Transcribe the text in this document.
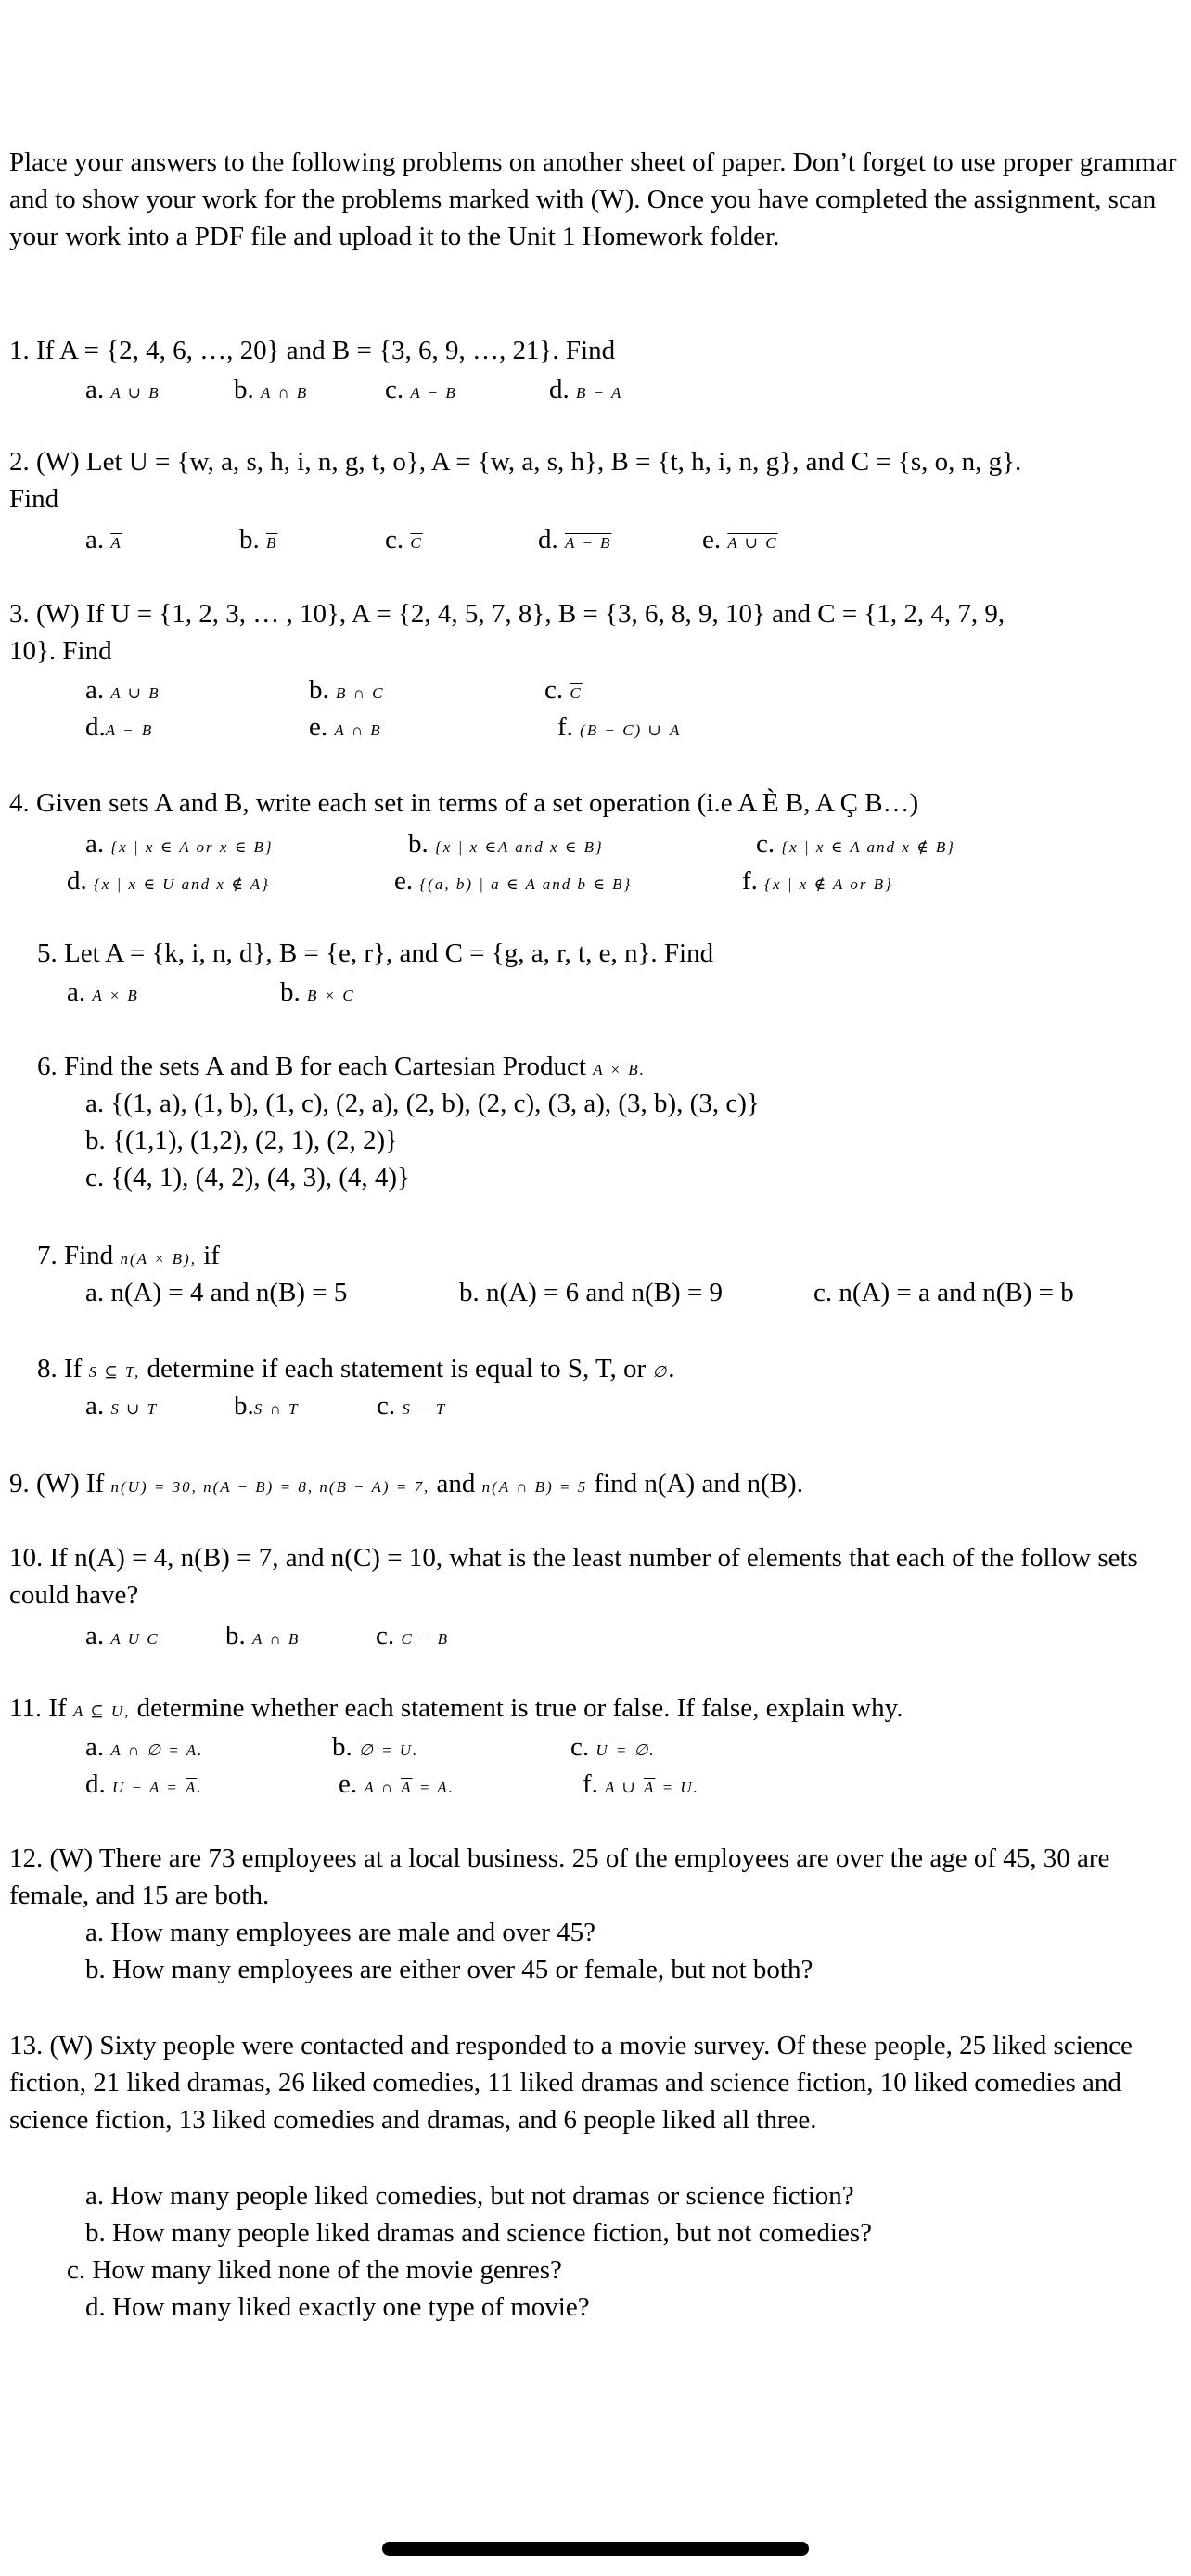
Place your answers to the following problems on another sheet of paper. Don’t forget to use proper grammar and to show your work for the problems marked with (W). Once you have completed the assignment, scan your work into a PDF file and upload it to the Unit 1 Homework folder.

1. If A = {2, 4, 6, …, 20} and B = {3, 6, 9, …, 21}. Find
a. A ∪ B	b. A ∩ B	c. A − B	d. B − A
2. (W) Let U = {w, a, s, h, i, n, g, t, o}, A = {w, a, s, h}, B = {t, h, i, n, g}, and C = {s, o, n, g}.
Find
a. $\overline{A}$	b. $\overline{B}$	c. $\overline{C}$	d. A − B	e. A ∪ C
3. (W) If U = {1, 2, 3, … , 10}, A = {2, 4, 5, 7, 8}, B = {3, 6, 8, 9, 10} and C = {1, 2, 4, 7, 9,
10}. Find
a. A ∪ B	b. B ∩ C	c. $\overline{C}$
$d.A - \overline{B}$	e. A ∩ B	f. (B − C) ∪ $\overline{A}$
4. Given sets A and B, write each set in terms of a set operation (i.e A È B, A Ç B…)
a. {x | x ∈ A or x ∈ B}	b. {x | x ∈A and x ∈ B}	c. {x | x ∈ A and x ∉ B}
d. {x | x ∈ U and x ∉ A}	e. {(a, b) | a ∈ A and b ∈ B}	f. {x | x ∉ A or B}
5. Let A = {k, i, n, d}, B = {e, r}, and C = {g, a, r, t, e, n}. Find
a. A × B	b. B × C
6. Find the sets A and B for each Cartesian Product A × B.
a. {(1, a), (1, b), (1, c), (2, a), (2, b), (2, c), (3, a), (3, b), (3, c)}
b. {(1,1), (1,2), (2, 1), (2, 2)}
c. {(4, 1), (4, 2), (4, 3), (4, 4)}
7. Find n(A × B), if
a. n(A) = 4 and n(B) = 5	b. n(A) = 6 and n(B) = 9	c. n(A) = a and n(B) = b
8. If S ⊆ T, determine if each statement is equal to S, T, or ∅.
a. S ∪ T	b.S ∩ T	c. S − T
9. (W) If n(U) = 30, n(A − B) = 8, n(B − A) = 7, and n(A ∩ B) = 5 find n(A) and n(B).

10. If n(A) = 4, n(B) = 7, and n(C) = 10, what is the least number of elements that each of the follow sets could have?

a. A U C b. A ∩ B	c. C − B
11. If A ⊆ U, determine whether each statement is true or false. If false, explain why.
a. A ∩ ∅ = A.	b. ∅ = U.	c. $\overline{U}$ = ∅.
d. $U - A = \overline{A}$.	e. A ∩ $\overline{A} = A$.	f. A ∪ $\overline{A} = U$.

12. (W) There are 73 employees at a local business. 25 of the employees are over the age of 45, 30 are female, and 15 are both.

a. How many employees are male and over 45?
b. How many employees are either over 45 or female, but not both?

13. (W) Sixty people were contacted and responded to a movie survey. Of these people, 25 liked science fiction, 21 liked dramas, 26 liked comedies, 11 liked dramas and science fiction, 10 liked comedies and science fiction, 13 liked comedies and dramas, and 6 people liked all three.

a. How many people liked comedies, but not dramas or science fiction?
b. How many people liked dramas and science fiction, but not comedies?
c. How many liked none of the movie genres?
d. How many liked exactly one type of movie?
